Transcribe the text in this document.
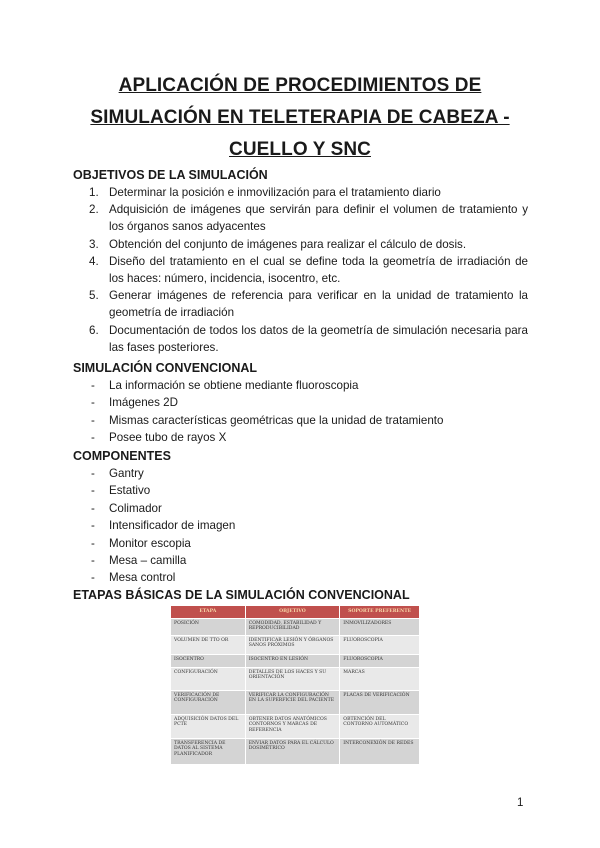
APLICACIÓN DE PROCEDIMIENTOS DE SIMULACIÓN EN TELETERAPIA DE CABEZA - CUELLO Y SNC
OBJETIVOS DE LA SIMULACIÓN
1. Determinar la posición e inmovilización para el tratamiento diario
2. Adquisición de imágenes que servirán para definir el volumen de tratamiento y los órganos sanos adyacentes
3. Obtención del conjunto de imágenes para realizar el cálculo de dosis.
4. Diseño del tratamiento en el cual se define toda la geometría de irradiación de los haces: número, incidencia, isocentro, etc.
5. Generar imágenes de referencia para verificar en la unidad de tratamiento la geometría de irradiación
6. Documentación de todos los datos de la geometría de simulación necesaria para las fases posteriores.
SIMULACIÓN CONVENCIONAL
- La información se obtiene mediante fluoroscopia
- Imágenes 2D
- Mismas características geométricas que la unidad de tratamiento
- Posee tubo de rayos X
COMPONENTES
- Gantry
- Estativo
- Colimador
- Intensificador de imagen
- Monitor escopia
- Mesa – camilla
- Mesa control
ETAPAS BÁSICAS DE LA SIMULACIÓN CONVENCIONAL
ETAPA	OBJETIVO	SOPORTE PREFERENTE
POSICIÓN	COMODIDAD, ESTABILIDAD Y REPRODUCIBILIDAD	INMOVILIZADORES
VOLUMEN DE TTO OR	IDENTIFICAR LESIÓN Y ÓRGANOS SANOS PRÓXIMOS	FLUOROSCOPIA
ISOCENTRO	ISOCENTRO EN LESIÓN	FLUOROSCOPIA
CONFIGURACIÓN	DETALLES DE LOS HACES Y SU ORIENTACIÓN	MARCAS
VERIFICACIÓN DE CONFIGURACIÓN	VERIFICAR LA CONFIGURACIÓN EN LA SUPERFICIE DEL PACIENTE	PLACAS DE VERIFICACIÓN
ADQUISICIÓN DATOS DEL PCTE	OBTENER DATOS ANATÓMICOS CONTORNOS Y MARCAS DE REFERENCIA	OBTENCIÓN DEL CONTORNO AUTOMÁTICO
TRANSFERENCIA DE DATOS AL SISTEMA PLANIFICADOR	ENVIAR DATOS PARA EL CÁLCULO DOSIMÉTRICO	INTERCONEXIÓN DE REDES
1
